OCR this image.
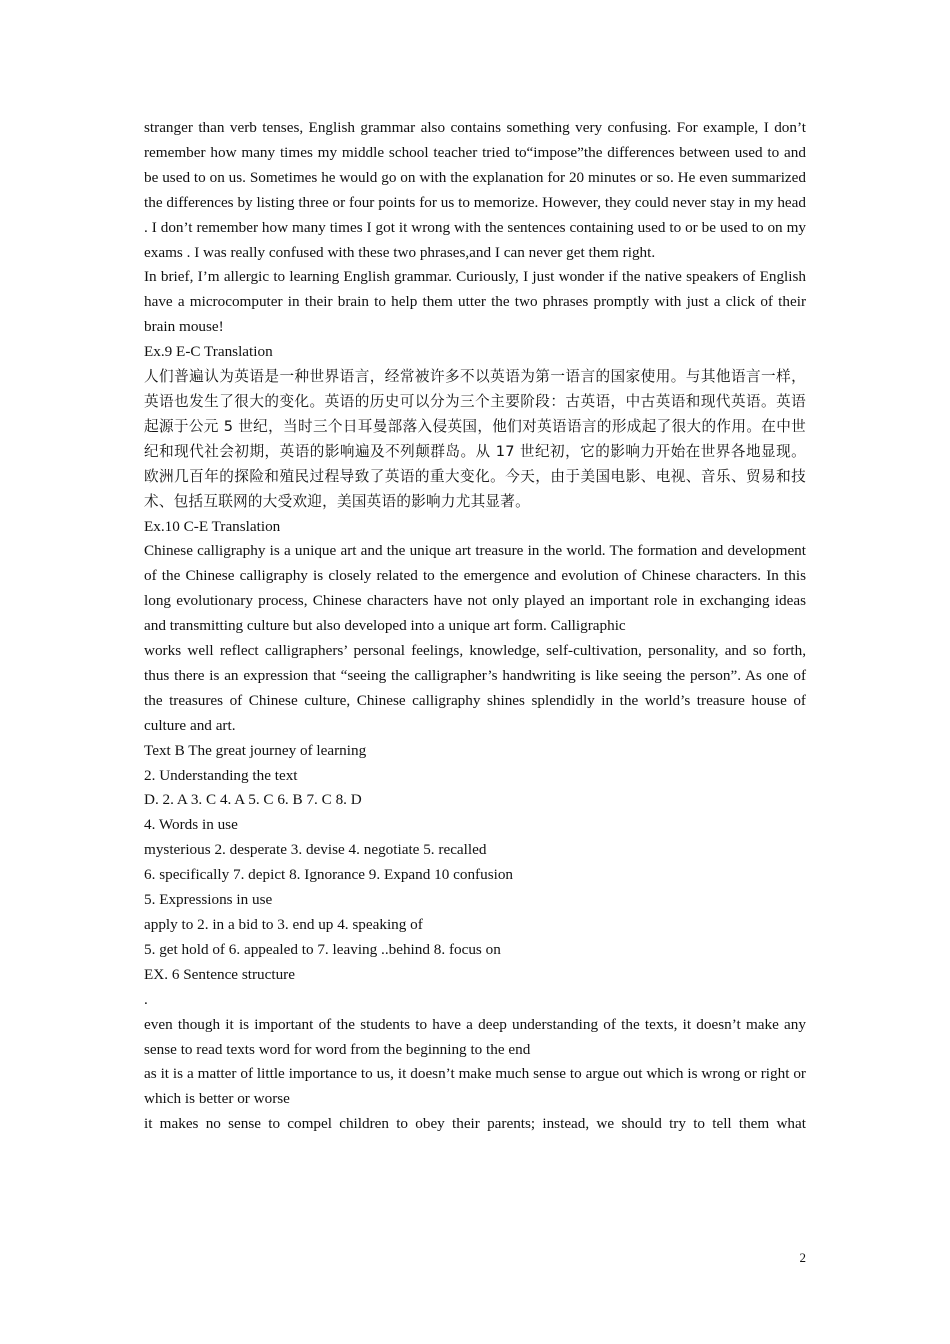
stranger than verb tenses, English grammar also contains something very confusing. For example, I don’t remember how many times my middle school teacher tried to“impose”the differences between used to and be used to on us. Sometimes he would go on with the explanation for 20 minutes or so. He even summarized the differences by listing three or four points for us to memorize. However, they could never stay in my head . I don’t remember how many times I got it wrong with the sentences containing used to or be used to on my exams . I was really confused with these two phrases,and I can never get them right.

In brief, I’m allergic to learning English grammar. Curiously, I just wonder if the native speakers of English have a microcomputer in their brain to help them utter the two phrases promptly with just a click of their brain mouse!

Ex.9 E-C Translation

人们普遍认为英语是一种世界语言，经常被许多不以英语为第一语言的国家使用。与其他语言一样，英语也发生了很大的变化。英语的历史可以分为三个主要阶段：古英语，中古英语和现代英语。英语起源于公元 5 世纪，当时三个日耳曼部落入侵英国，他们对英语语言的形成起了很大的作用。在中世纪和现代社会初期，英语的影响遍及不列颠群岛。从 17 世纪初，它的影响力开始在世界各地显现。欧洲几百年的探险和殖民过程导致了英语的重大变化。今天，由于美国电影、电视、音乐、贸易和技术、包括互联网的大受欢迎，美国英语的影响力尤其显著。

Ex.10 C-E Translation

Chinese calligraphy is a unique art and the unique art treasure in the world. The formation and development of the Chinese calligraphy is closely related to the emergence and evolution of Chinese characters. In this long evolutionary process, Chinese characters have not only played an important role in exchanging ideas and transmitting culture but also developed into a unique art form. Calligraphic

works well reflect calligraphers’ personal feelings, knowledge, self-cultivation, personality, and so forth, thus there is an expression that “seeing the calligrapher’s handwriting is like seeing the person”. As one of the treasures of Chinese culture, Chinese calligraphy shines splendidly in the world’s treasure house of culture and art.

Text B The great journey of learning

2. Understanding the text

D. 2. A 3. C 4. A 5. C 6. B 7. C 8. D

4. Words in use

mysterious 2. desperate 3. devise 4. negotiate 5. recalled

6. specifically 7. depict 8. Ignorance 9. Expand 10 confusion

5. Expressions in use

apply to 2. in a bid to 3. end up 4. speaking of

5. get hold of 6. appealed to 7. leaving ..behind 8. focus on

EX. 6 Sentence structure

.

even though it is important of the students to have a deep understanding of the texts, it doesn’t make any sense to read texts word for word from the beginning to the end

as it is a matter of little importance to us, it doesn’t make much sense to argue out which is wrong or right or which is better or worse

it makes no sense to compel children to obey their parents; instead, we should try to tell them what

2
